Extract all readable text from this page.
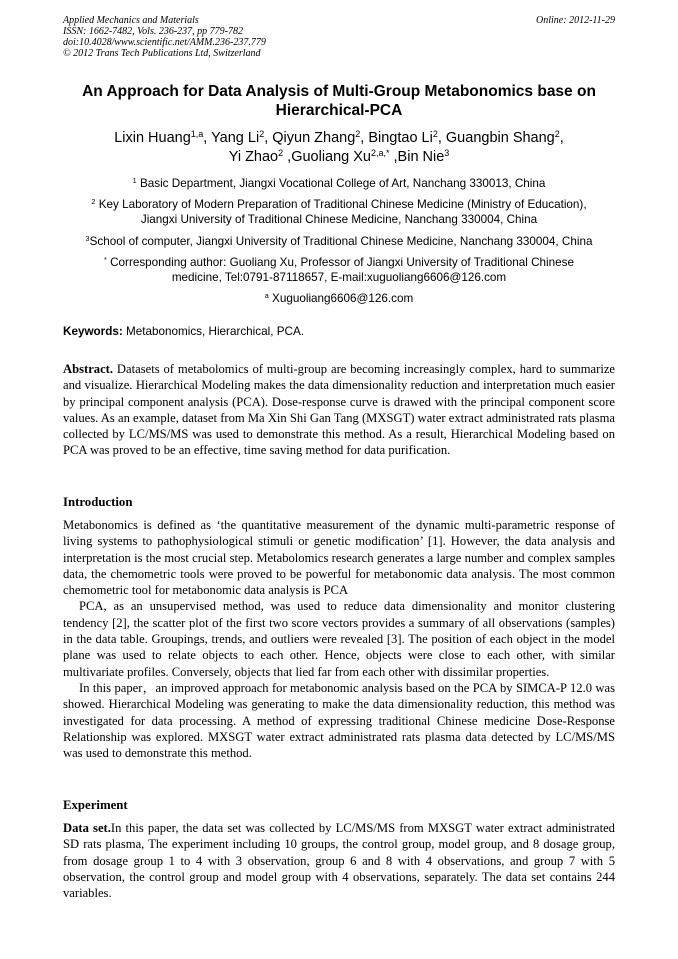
Applied Mechanics and Materials
ISSN: 1662-7482, Vols. 236-237, pp 779-782
doi:10.4028/www.scientific.net/AMM.236-237.779
© 2012 Trans Tech Publications Ltd, Switzerland
Online: 2012-11-29
An Approach for Data Analysis of Multi-Group Metabonomics base on Hierarchical-PCA
Lixin Huang$^{1,a}$, Yang Li$^2$, Qiyun Zhang$^2$, Bingtao Li$^2$, Guangbin Shang$^2$,
Yi Zhao$^2$ ,Guoliang $Xu^{2,a,*}$ ,Bin Nie$^3$
$^1$ Basic Department, Jiangxi Vocational College of Art, Nanchang 330013, China
$^2$ Key Laboratory of Modern Preparation of Traditional Chinese Medicine (Ministry of Education),
Jiangxi University of Traditional Chinese Medicine, Nanchang 330004, China
$^3$School of computer, Jiangxi University of Traditional Chinese Medicine, Nanchang 330004, China
* Corresponding author: Guoliang Xu, Professor of Jiangxi University of Traditional Chinese
medicine, Tel:0791-87118657, E-mail:xuguoliang6606@126.com
$^a$ Xuguoliang6606@126.com
Keywords: Metabonomics, Hierarchical, PCA.
Abstract. Datasets of metabolomics of multi-group are becoming increasingly complex, hard to summarize and visualize. Hierarchical Modeling makes the data dimensionality reduction and interpretation much easier by principal component analysis (PCA). Dose-response curve is drawed with the principal component score values. As an example, dataset from Ma Xin Shi Gan Tang (MXSGT) water extract administrated rats plasma collected by LC/MS/MS was used to demonstrate this method. As a result, Hierarchical Modeling based on PCA was proved to be an effective, time saving method for data purification.
Introduction
Metabonomics is defined as ‘the quantitative measurement of the dynamic multi-parametric response of living systems to pathophysiological stimuli or genetic modification’ [1]. However, the data analysis and interpretation is the most crucial step. Metabolomics research generates a large number and complex samples data, the chemometric tools were proved to be powerful for metabonomic data analysis. The most common chemometric tool for metabonomic data analysis is PCA
PCA, as an unsupervised method, was used to reduce data dimensionality and monitor clustering tendency [2], the scatter plot of the first two score vectors provides a summary of all observations (samples) in the data table. Groupings, trends, and outliers were revealed [3]. The position of each object in the model plane was used to relate objects to each other. Hence, objects were close to each other, with similar multivariate profiles. Conversely, objects that lied far from each other with dissimilar properties.
In this paper，an improved approach for metabonomic analysis based on the PCA by SIMCA-P 12.0 was showed. Hierarchical Modeling was generating to make the data dimensionality reduction, this method was investigated for data processing. A method of expressing traditional Chinese medicine Dose-Response Relationship was explored. MXSGT water extract administrated rats plasma data detected by LC/MS/MS was used to demonstrate this method.
Experiment
Data set.In this paper, the data set was collected by LC/MS/MS from MXSGT water extract administrated SD rats plasma, The experiment including 10 groups, the control group, model group, and 8 dosage group, from dosage group 1 to 4 with 3 observation, group 6 and 8 with 4 observations, and group 7 with 5 observation, the control group and model group with 4 observations, separately. The data set contains 244 variables.
